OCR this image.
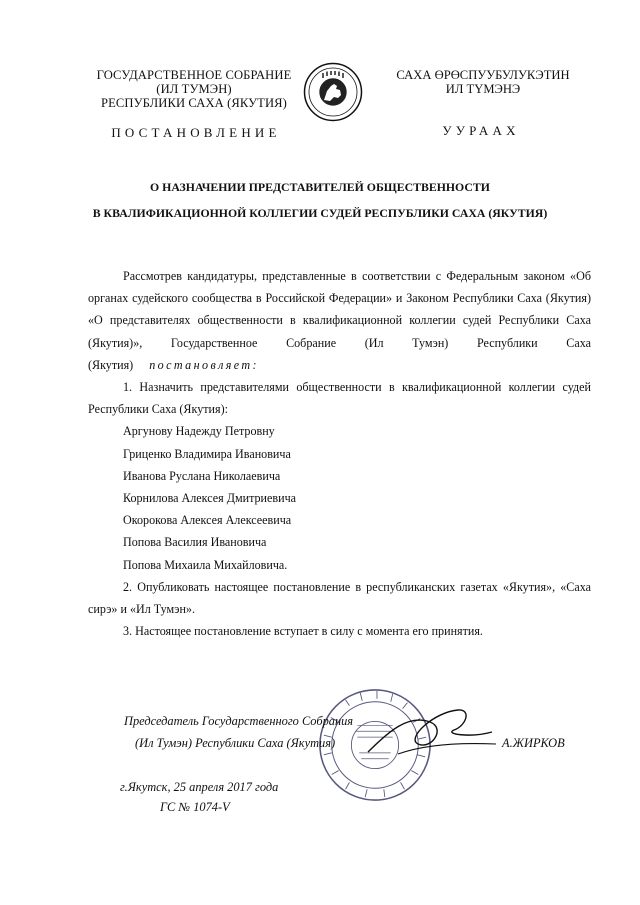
ГОСУДАРСТВЕННОЕ СОБРАНИЕ
(ИЛ ТУМЭН)
РЕСПУБЛИКИ САХА (ЯКУТИЯ)
САХА ӨРӨСПУУБУЛУКЭТИН
ИЛ ТҮМЭНЭ
ПОСТАНОВЛЕНИЕ	УУРААХ
О НАЗНАЧЕНИИ ПРЕДСТАВИТЕЛЕЙ ОБЩЕСТВЕННОСТИ
В КВАЛИФИКАЦИОННОЙ КОЛЛЕГИИ СУДЕЙ РЕСПУБЛИКИ САХА (ЯКУТИЯ)

Рассмотрев кандидатуры, представленные в соответствии с Федеральным законом «Об органах судейского сообщества в Российской Федерации» и Законом Республики Саха (Якутия) «О представителях общественности в квалификационной коллегии судей Республики Саха (Якутия)», Государственное Собрание (Ил Тумэн) Республики Саха (Якутия) постановляет:

1. Назначить представителями общественности в квалификационной коллегии судей Республики Саха (Якутия):

Аргунову Надежду Петровну
Гриценко Владимира Ивановича
Иванова Руслана Николаевича
Корнилова Алексея Дмитриевича
Окорокова Алексея Алексеевича
Попова Василия Ивановича
Попова Михаила Михайловича.

2. Опубликовать настоящее постановление в республиканских газетах «Якутия», «Саха сирэ» и «Ил Тумэн».

3. Настоящее постановление вступает в силу с момента его принятия.

Председатель Государственного Собрания
(Ил Тумэн) Республики Саха (Якутия)	А.ЖИРКОВ
г.Якутск, 25 апреля 2017 года
ГС № 1074-V
